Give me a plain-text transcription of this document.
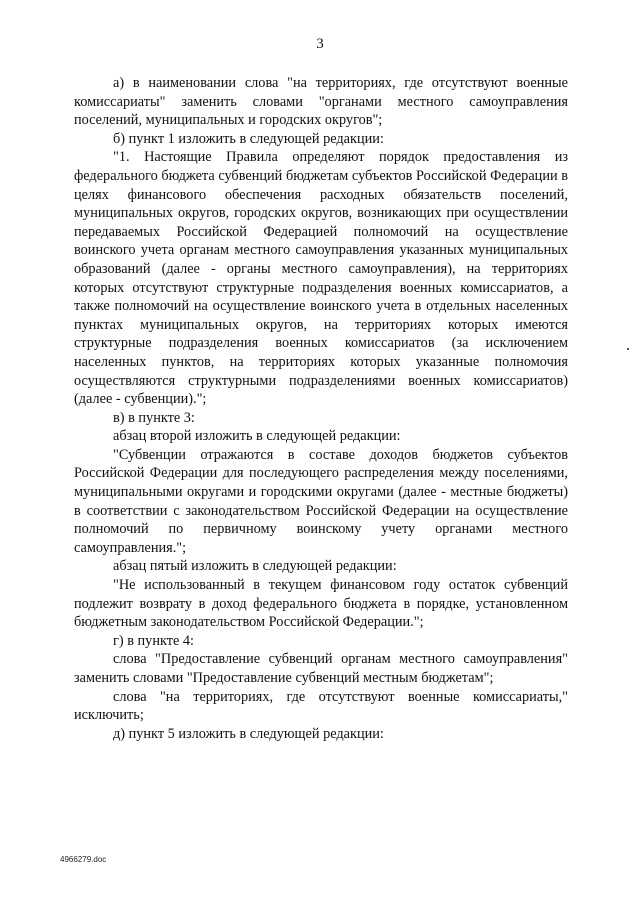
3

а) в наименовании слова "на территориях, где отсутствуют военные комиссариаты" заменить словами "органами местного самоуправления поселений, муниципальных и городских округов";

б) пункт 1 изложить в следующей редакции:

"1. Настоящие Правила определяют порядок предоставления из федерального бюджета субвенций бюджетам субъектов Российской Федерации в целях финансового обеспечения расходных обязательств поселений, муниципальных округов, городских округов, возникающих при осуществлении передаваемых Российской Федерацией полномочий на осуществление воинского учета органам местного самоуправления указанных муниципальных образований (далее - органы местного самоуправления), на территориях которых отсутствуют структурные подразделения военных комиссариатов, а также полномочий на осуществление воинского учета в отдельных населенных пунктах муниципальных округов, на территориях которых имеются структурные подразделения военных комиссариатов (за исключением населенных пунктов, на территориях которых указанные полномочия осуществляются структурными подразделениями военных комиссариатов) (далее - субвенции).";

в) в пункте 3:

абзац второй изложить в следующей редакции:

"Субвенции отражаются в составе доходов бюджетов субъектов Российской Федерации для последующего распределения между поселениями, муниципальными округами и городскими округами (далее - местные бюджеты) в соответствии с законодательством Российской Федерации на осуществление полномочий по первичному воинскому учету органами местного самоуправления.";

абзац пятый изложить в следующей редакции:

"Не использованный в текущем финансовом году остаток субвенций подлежит возврату в доход федерального бюджета в порядке, установленном бюджетным законодательством Российской Федерации.";

г) в пункте 4:

слова "Предоставление субвенций органам местного самоуправления" заменить словами "Предоставление субвенций местным бюджетам";

слова "на территориях, где отсутствуют военные комиссариаты," исключить;

д) пункт 5 изложить в следующей редакции:

4966279.doc
